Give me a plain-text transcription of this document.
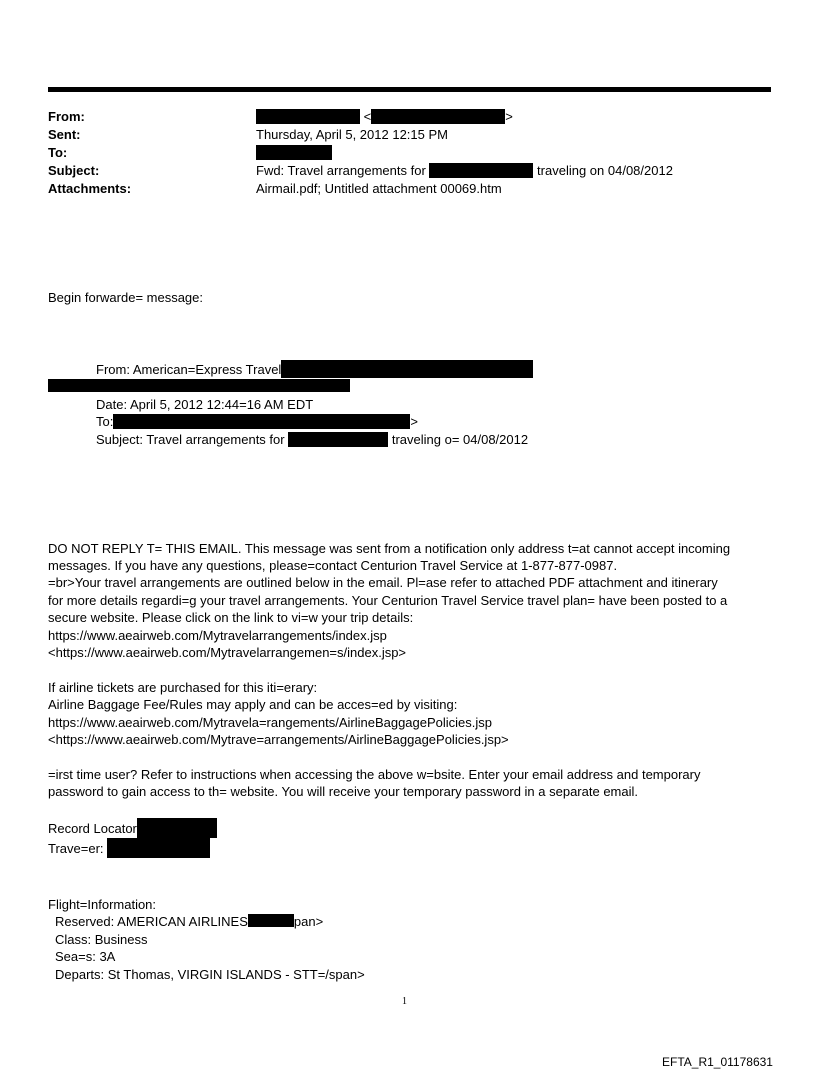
From:	<	>
Sent:	Thursday, April 5, 2012 12:15 PM
To:
Subject:	Fwd: Travel arrangements for	traveling on 04/08/2012
Attachments:	Airmail.pdf; Untitled attachment 00069.htm
Begin forwarde= message:
From: American=Express Travel
Date: April 5, 2012 12:44=16 AM EDT
To:	>
Subject: Travel arrangements for	traveling o= 04/08/2012
DO NOT REPLY T= THIS EMAIL. This message was sent from a notification only address t=at cannot accept incoming
messages. If you have any questions, please=contact Centurion Travel Service at 1-877-877-0987.
=br>Your travel arrangements are outlined below in the email. Pl=ase refer to attached PDF attachment and itinerary
for more details regardi=g your travel arrangements. Your Centurion Travel Service travel plan= have been posted to a
secure website. Please click on the link to vi=w your trip details:
https://www.aeairweb.com/Mytravelarrangements/index.jsp
<https://www.aeairweb.com/Mytravelarrangemen=s/index.jsp>
If airline tickets are purchased for this iti=erary:
Airline Baggage Fee/Rules may apply and can be acces=ed by visiting:
https://www.aeairweb.com/Mytravela=rangements/AirlineBaggagePolicies.jsp
<https://www.aeairweb.com/Mytrave=arrangements/AirlineBaggagePolicies.jsp>
=irst time user? Refer to instructions when accessing the above w=bsite. Enter your email address and temporary
password to gain access to th= website. You will receive your temporary password in a separate email.
Record Locator
Trave=er:
Flight=Information:
Reserved: AMERICAN AIRLINES	pan>
Class: Business
Sea=s: 3A
Departs: St Thomas, VIRGIN ISLANDS - STT=/span>
1
EFTA_R1_01178631
